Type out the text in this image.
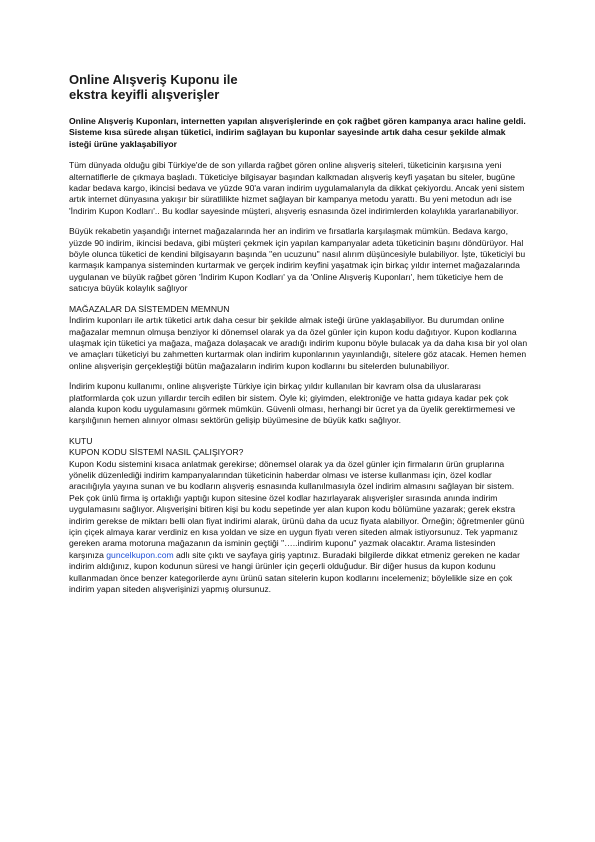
Online Alışveriş Kuponu ile
ekstra keyifli alışverişler

Online Alışveriş Kuponları, internetten yapılan alışverişlerinde en çok rağbet gören kampanya aracı haline geldi. Sisteme kısa sürede alışan tüketici, indirim sağlayan bu kuponlar sayesinde artık daha cesur şekilde almak isteği ürüne yaklaşabiliyor

Tüm dünyada olduğu gibi Türkiye'de de son yıllarda rağbet gören online alışveriş siteleri, tüketicinin karşısına yeni alternatiflerle de çıkmaya başladı. Tüketiciye bilgisayar başından kalkmadan alışveriş keyfi yaşatan bu siteler, bugüne kadar bedava kargo, ikincisi bedava ve yüzde 90'a varan indirim uygulamalarıyla da dikkat çekiyordu. Ancak yeni sistem artık internet dünyasına yakışır bir süratlilikte hizmet sağlayan bir kampanya metodu yarattı. Bu yeni metodun adı ise 'İndirim Kupon Kodları'.. Bu kodlar sayesinde müşteri, alışveriş esnasında özel indirimlerden kolaylıkla yararlanabiliyor.

Büyük rekabetin yaşandığı internet mağazalarında her an indirim ve fırsatlarla karşılaşmak mümkün. Bedava kargo, yüzde 90 indirim, ikincisi bedava, gibi müşteri çekmek için yapılan kampanyalar adeta tüketicinin başını döndürüyor. Hal böyle olunca tüketici de kendini bilgisayarın başında "en ucuzunu" nasıl alırım düşüncesiyle bulabiliyor. İşte, tüketiciyi bu karmaşık kampanya sisteminden kurtarmak ve gerçek indirim keyfini yaşatmak için birkaç yıldır internet mağazalarında uygulanan ve büyük rağbet gören 'İndirim Kupon Kodları' ya da 'Online Alışveriş Kuponları', hem tüketiciye hem de satıcıya büyük kolaylık sağlıyor

MAĞAZALAR DA SİSTEMDEN MEMNUN

İndirim kuponları ile artık tüketici artık daha cesur bir şekilde almak isteği ürüne yaklaşabiliyor. Bu durumdan online mağazalar memnun olmuşa benziyor ki dönemsel olarak ya da özel günler için kupon kodu dağıtıyor. Kupon kodlarına ulaşmak için tüketici ya mağaza, mağaza dolaşacak ve aradığı indirim kuponu böyle bulacak ya da daha kısa bir yol olan ve amaçları tüketiciyi bu zahmetten kurtarmak olan indirim kuponlarının yayınlandığı, sitelere göz atacak. Hemen hemen online alışverişin gerçekleştiği bütün mağazaların indirim kupon kodlarını bu sitelerden bulunabiliyor.

İndirim kuponu kullanımı, online alışverişte Türkiye için birkaç yıldır kullanılan bir kavram olsa da uluslararası platformlarda çok uzun yıllardır tercih edilen bir sistem. Öyle ki; giyimden, elektroniğe ve hatta gıdaya kadar pek çok alanda kupon kodu uygulamasını görmek mümkün. Güvenli olması, herhangi bir ücret ya da üyelik gerektirmemesi ve karşılığının hemen alınıyor olması sektörün gelişip büyümesine de büyük katkı sağlıyor.

KUTU
KUPON KODU SİSTEMİ NASIL ÇALIŞIYOR?

Kupon Kodu sistemini kısaca anlatmak gerekirse; dönemsel olarak ya da özel günler için firmaların ürün gruplarına yönelik düzenlediği indirim kampanyalarından tüketicinin haberdar olması ve isterse kullanması için, özel kodlar aracılığıyla yayına sunan ve bu kodların alışveriş esnasında kullanılmasıyla özel indirim almasını sağlayan bir sistem. Pek çok ünlü firma iş ortaklığı yaptığı kupon sitesine özel kodlar hazırlayarak alışverişler sırasında anında indirim uygulamasını sağlıyor. Alışverişini bitiren kişi bu kodu sepetinde yer alan kupon kodu bölümüne yazarak; gerek ekstra indirim gerekse de miktarı belli olan fiyat indirimi alarak, ürünü daha da ucuz fiyata alabiliyor. Örneğin; öğretmenler günü için çiçek almaya karar verdiniz en kısa yoldan ve size en uygun fiyatı veren siteden almak istiyorsunuz. Tek yapmanız gereken arama motoruna mağazanın da isminin geçtiği "…..indirim kuponu" yazmak olacaktır. Arama listesinden karşınıza guncelkupon.com adlı site çıktı ve sayfaya giriş yaptınız. Buradaki bilgilerde dikkat etmeniz gereken ne kadar indirim aldığınız, kupon kodunun süresi ve hangi ürünler için geçerli olduğudur. Bir diğer husus da kupon kodunu kullanmadan önce benzer kategorilerde aynı ürünü satan sitelerin kupon kodlarını incelemeniz; böylelikle size en çok indirim yapan siteden alışverişinizi yapmış olursunuz.
